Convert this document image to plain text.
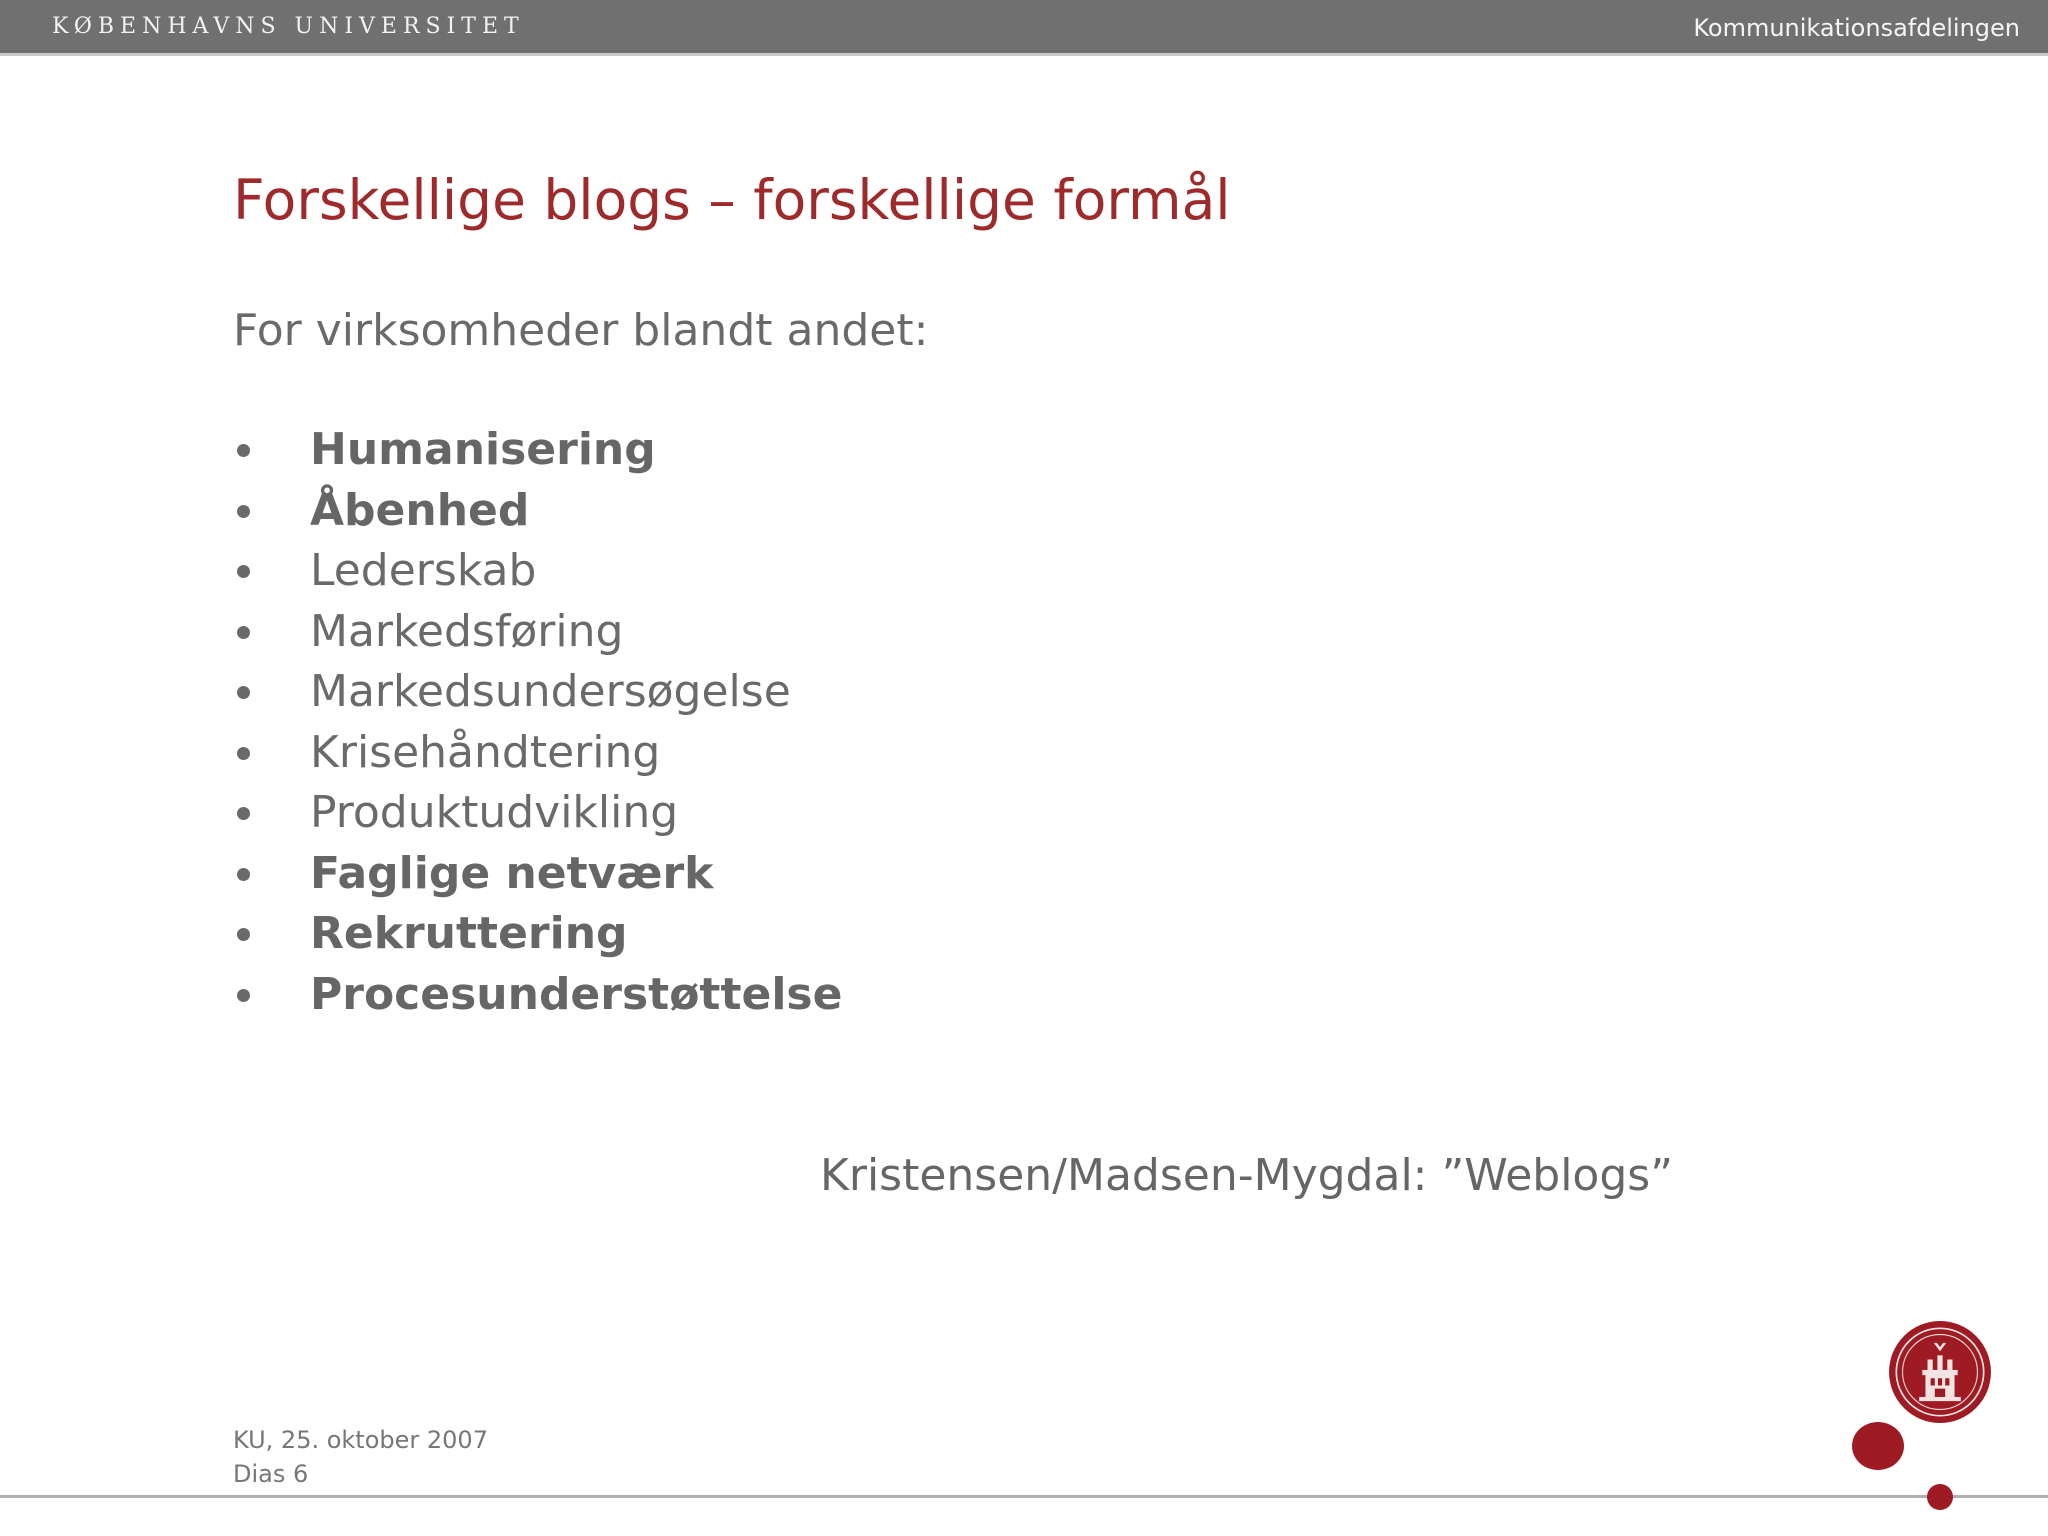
KØBENHAVNS UNIVERSITET	Kommunikationsafdelingen
Forskellige blogs – forskellige formål
For virksomheder blandt andet:
Humanisering
Åbenhed
Lederskab
Markedsføring
Markedsundersøgelse
Krisehåndtering
Produktudvikling
Faglige netværk
Rekruttering
Procesunderstøttelse
Kristensen/Madsen-Mygdal: ”Weblogs”
KU, 25. oktober 2007
Dias 6
